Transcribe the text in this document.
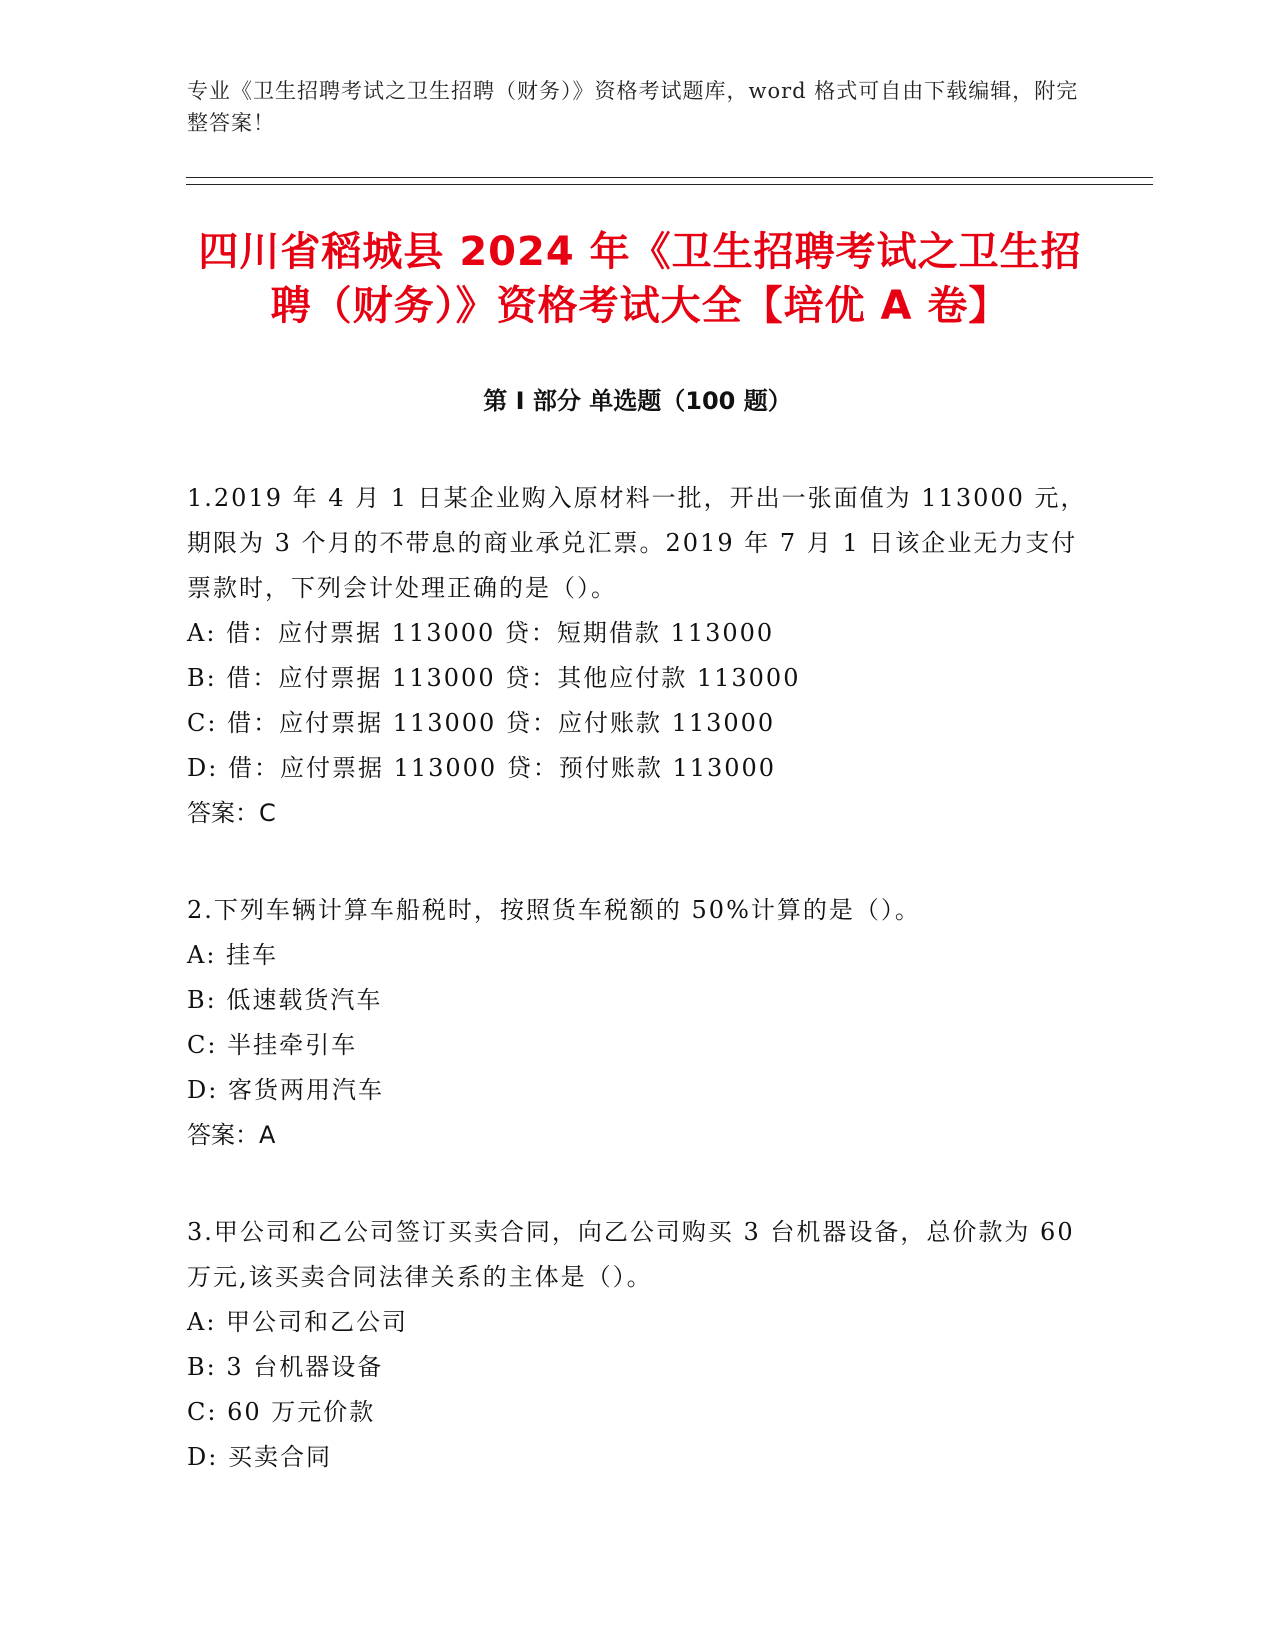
专业《卫生招聘考试之卫生招聘（财务）》资格考试题库，word 格式可自由下载编辑，附完整答案！
四川省稻城县 2024 年《卫生招聘考试之卫生招聘（财务）》资格考试大全【培优 A 卷】
第 I 部分 单选题（100 题）

1.2019 年 4 月 1 日某企业购入原材料一批，开出一张面值为 113000 元，期限为 3 个月的不带息的商业承兑汇票。2019 年 7 月 1 日该企业无力支付票款时，下列会计处理正确的是（）。

A: 借：应付票据 113000 贷：短期借款 113000

B: 借：应付票据 113000 贷：其他应付款 113000

C: 借：应付票据 113000 贷：应付账款 113000

D: 借：应付票据 113000 贷：预付账款 113000

答案：C

2.下列车辆计算车船税时，按照货车税额的 50%计算的是（）。

A: 挂车

B: 低速载货汽车

C: 半挂牵引车

D: 客货两用汽车

答案：A

3.甲公司和乙公司签订买卖合同，向乙公司购买 3 台机器设备，总价款为 60 万元,该买卖合同法律关系的主体是（）。

A: 甲公司和乙公司

B: 3 台机器设备

C: 60 万元价款

D: 买卖合同
